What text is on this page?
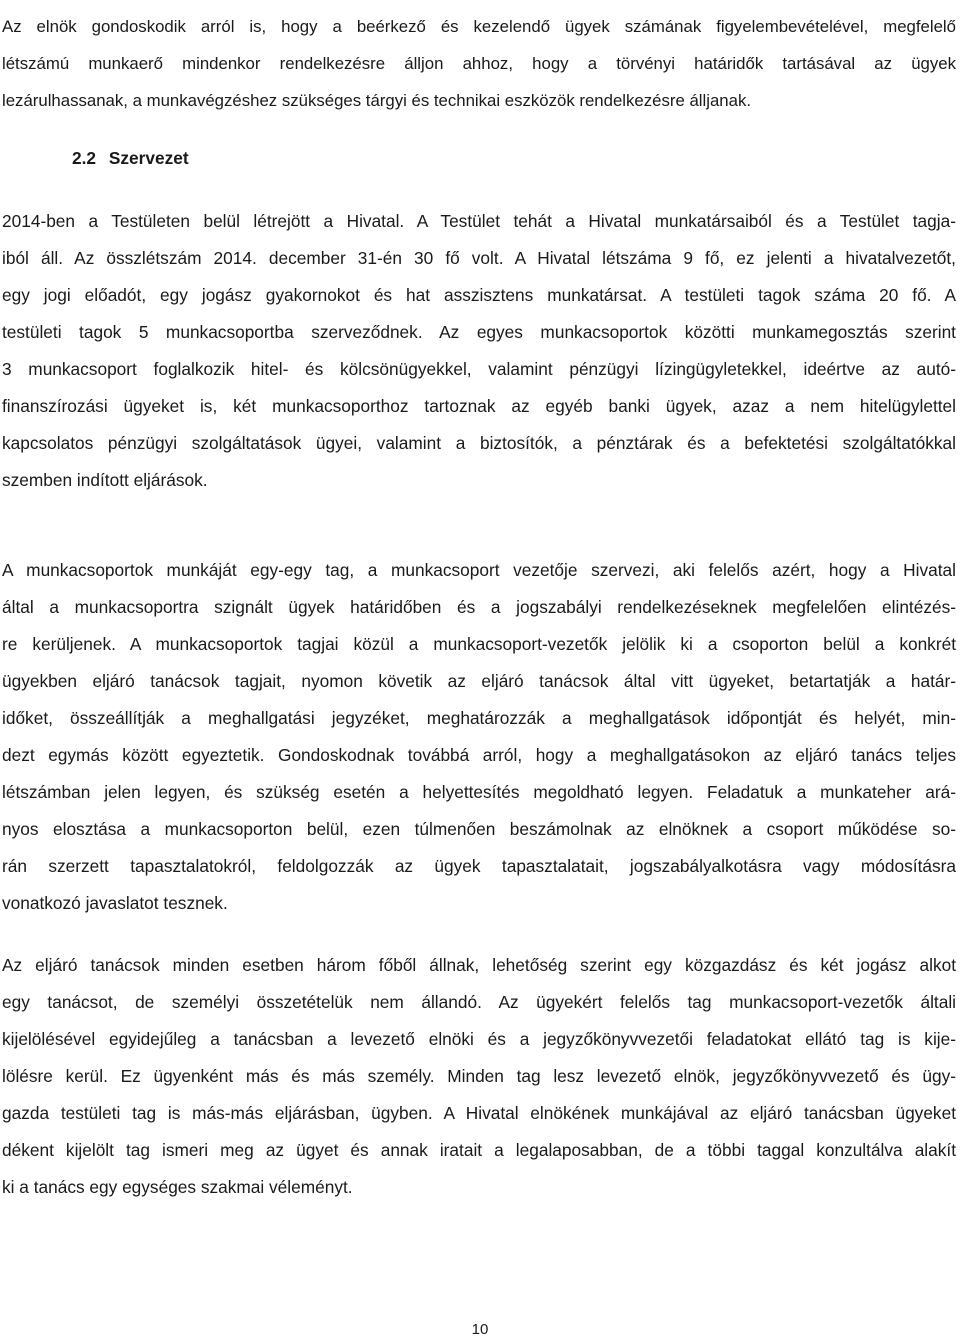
Az elnök gondoskodik arról is, hogy a beérkező és kezelendő ügyek számának figyelembevételével, megfelelő
létszámú munkaerő mindenkor rendelkezésre álljon ahhoz, hogy a törvényi határidők tartásával az ügyek
lezárulhassanak, a munkavégzéshez szükséges tárgyi és technikai eszközök rendelkezésre álljanak.
2.2 Szervezet
2014-ben a Testületen belül létrejött a Hivatal. A Testület tehát a Hivatal munkatársaiból és a Testület tagja-
iból áll. Az összlétszám 2014. december 31-én 30 fő volt. A Hivatal létszáma 9 fő, ez jelenti a hivatalvezetőt,
egy jogi előadót, egy jogász gyakornokot és hat asszisztens munkatársat. A testületi tagok száma 20 fő. A
testületi tagok 5 munkacsoportba szerveződnek. Az egyes munkacsoportok közötti munkamegosztás szerint
3 munkacsoport foglalkozik hitel- és kölcsönügyekkel, valamint pénzügyi lízingügyletekkel, ideértve az autó-
finanszírozási ügyeket is, két munkacsoporthoz tartoznak az egyéb banki ügyek, azaz a nem hitelügylettel
kapcsolatos pénzügyi szolgáltatások ügyei, valamint a biztosítók, a pénztárak és a befektetési szolgáltatókkal
szemben indított eljárások.
A munkacsoportok munkáját egy-egy tag, a munkacsoport vezetője szervezi, aki felelős azért, hogy a Hivatal
által a munkacsoportra szignált ügyek határidőben és a jogszabályi rendelkezéseknek megfelelően elintézés-
re kerüljenek. A munkacsoportok tagjai közül a munkacsoport-vezetők jelölik ki a csoporton belül a konkrét
ügyekben eljáró tanácsok tagjait, nyomon követik az eljáró tanácsok által vitt ügyeket, betartatják a határ-
időket, összeállítják a meghallgatási jegyzéket, meghatározzák a meghallgatások időpontját és helyét, min-
dezt egymás között egyeztetik. Gondoskodnak továbbá arról, hogy a meghallgatásokon az eljáró tanács teljes
létszámban jelen legyen, és szükség esetén a helyettesítés megoldható legyen. Feladatuk a munkateher ará-
nyos elosztása a munkacsoporton belül, ezen túlmenően beszámolnak az elnöknek a csoport működése so-
rán szerzett tapasztalatokról, feldolgozzák az ügyek tapasztalatait, jogszabályalkotásra vagy módosításra
vonatkozó javaslatot tesznek.
Az eljáró tanácsok minden esetben három főből állnak, lehetőség szerint egy közgazdász és két jogász alkot
egy tanácsot, de személyi összetételük nem állandó. Az ügyekért felelős tag munkacsoport-vezetők általi
kijelölésével egyidejűleg a tanácsban a levezető elnöki és a jegyzőkönyvvezetői feladatokat ellátó tag is kije-
lölésre kerül. Ez ügyenként más és más személy. Minden tag lesz levezető elnök, jegyzőkönyvvezető és ügy-
gazda testületi tag is más-más eljárásban, ügyben. A Hivatal elnökének munkájával az eljáró tanácsban ügyeket
dékent kijelölt tag ismeri meg az ügyet és annak iratait a legalaposabban, de a többi taggal konzultálva alakít
ki a tanács egy egységes szakmai véleményt.
10
